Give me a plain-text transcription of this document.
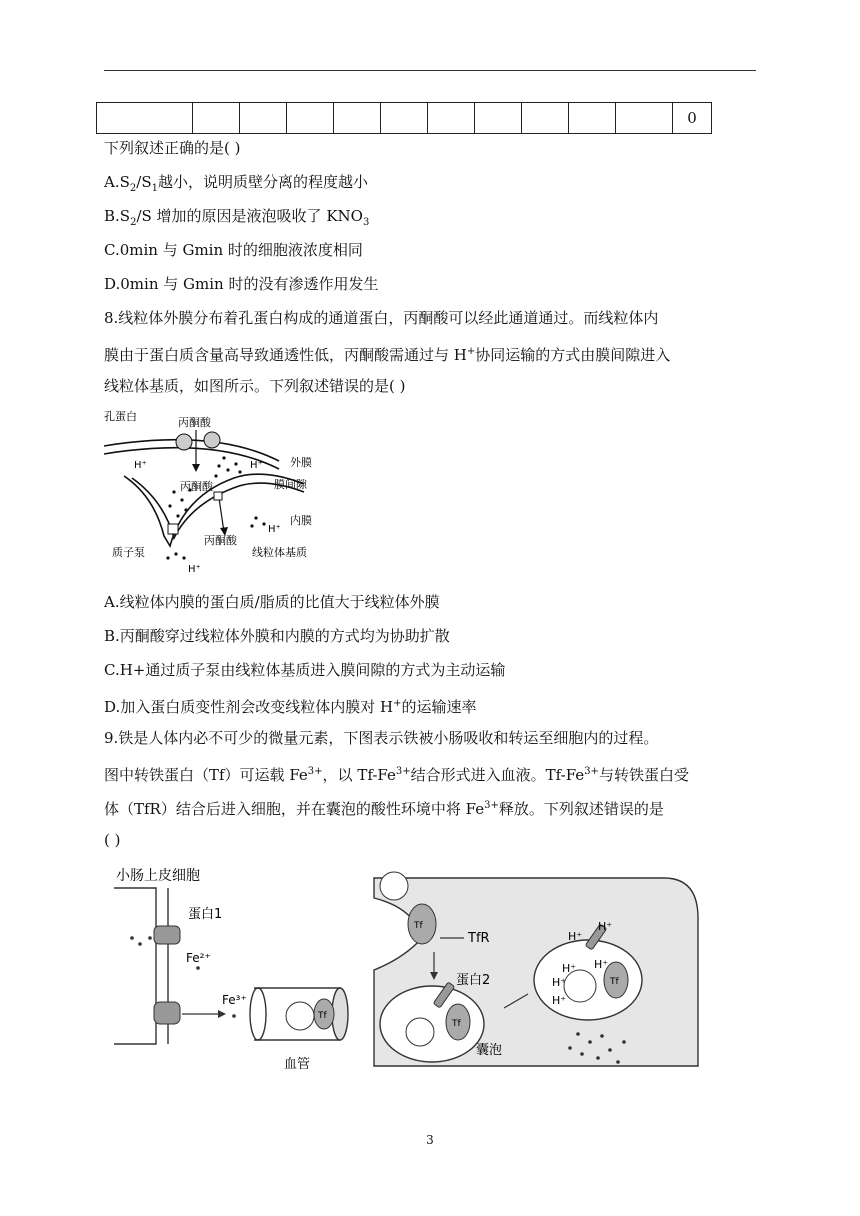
											0
下列叙述正确的是( )
$A.S_2/S_1$越小，说明质壁分离的程度越小
$B.S_2/S$ 增加的原因是液泡吸收了 $KNO_3$
C.0min 与 Gmin 时的细胞液浓度相同
D.0min 与 Gmin 时的没有渗透作用发生
8.线粒体外膜分布着孔蛋白构成的通道蛋白，丙酮酸可以经此通道通过。而线粒体内
膜由于蛋白质含量高导致通透性低，丙酮酸需通过与 H+协同运输的方式由膜间隙进入
线粒体基质，如图所示。下列叙述错误的是( )
孔蛋白	丙酮酸
外膜
H⁺	H⁺
膜间隙
丙酮酸
内膜
H⁺
丙酮酸
质子泵	线粒体基质
H⁺
A.线粒体内膜的蛋白质/脂质的比值大于线粒体外膜
B.丙酮酸穿过线粒体外膜和内膜的方式均为协助扩散
C.H+通过质子泵由线粒体基质进入膜间隙的方式为主动运输
D.加入蛋白质变性剂会改变线粒体内膜对 H+的运输速率
9.铁是人体内必不可少的微量元素，下图表示铁被小肠吸收和转运至细胞内的过程。
图中转铁蛋白（Tf）可运载 $Fe^{3+}$，以 $Tf-Fe^{3+}$结合形式进入血液。$Tf-Fe^{3+}$与转铁蛋白受
体（TfR）结合后进入细胞，并在囊泡的酸性环境中将 $Fe^{3+}$释放。下列叙述错误的是
( )
小肠上皮细胞
蛋白1
Fe²⁺
Fe³⁺
Tf
血管
Tf
TfR
蛋白2
Tf
囊泡
H⁺
H⁺
H⁺ H⁺
H⁺
H⁺
Tf
3
